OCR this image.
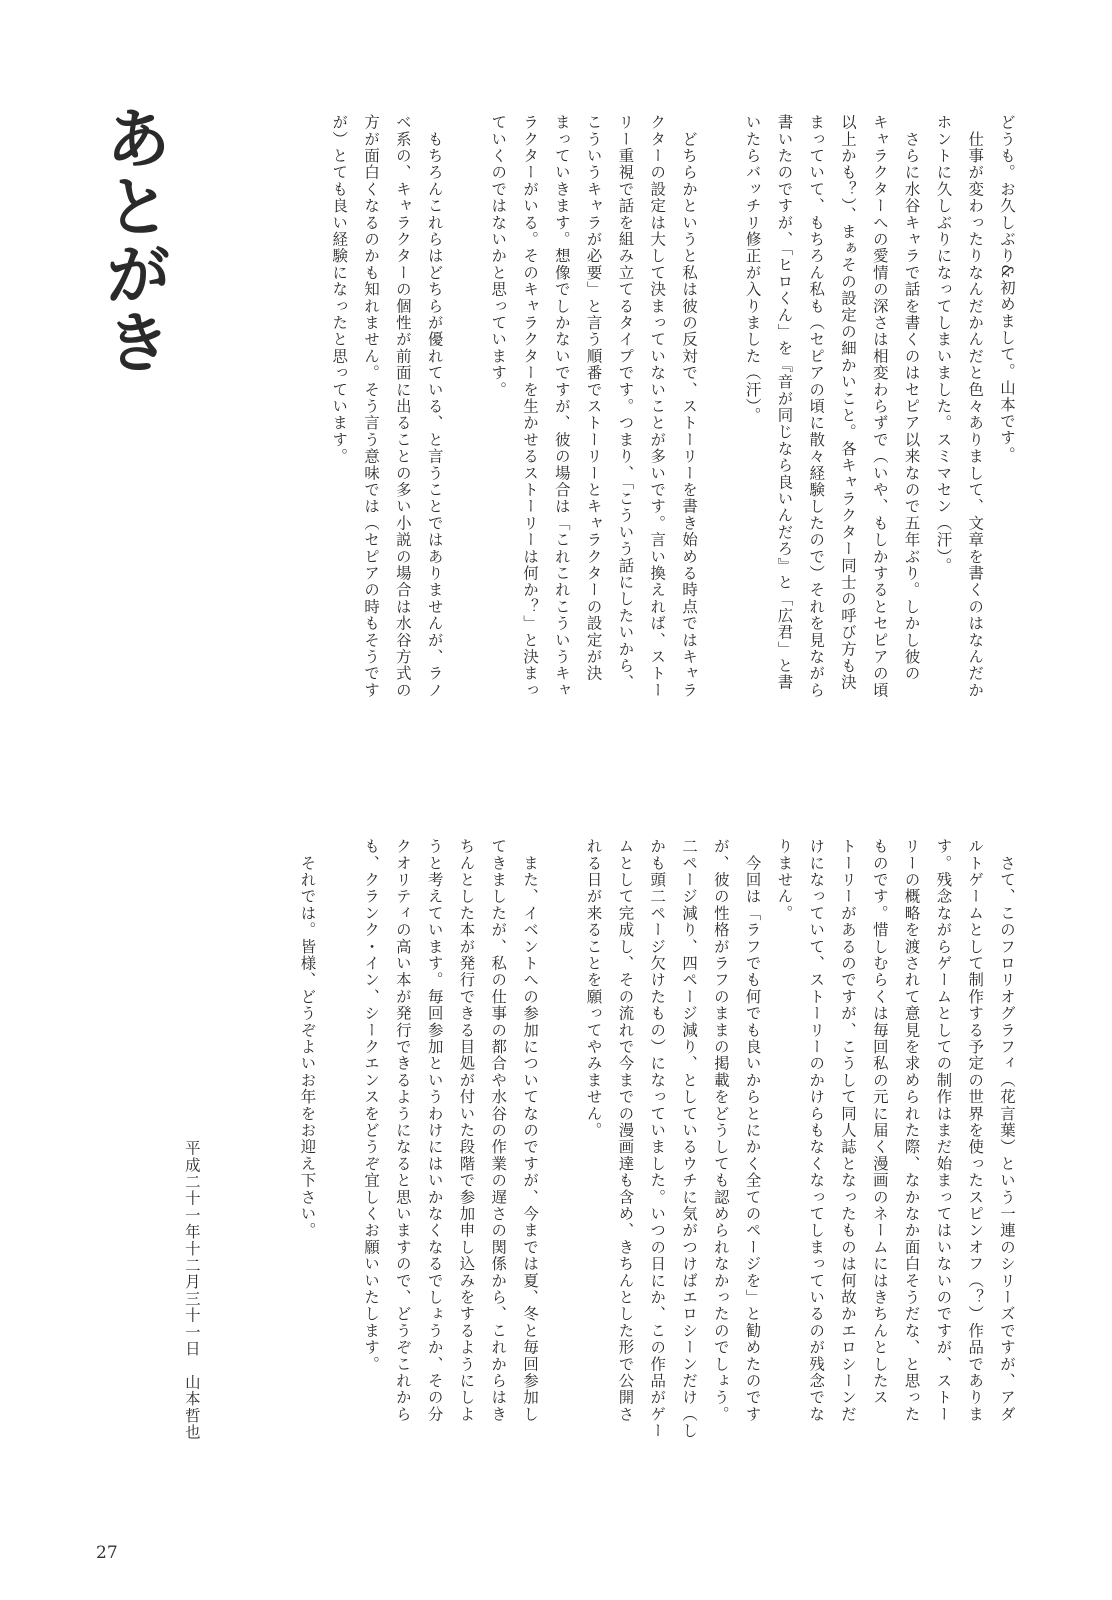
あとがき	どうも。お久しぶり&初めまして。山本です。
　仕事が変わったりなんだかんだと色々ありまして、文章を書くのはなんだか
ホントに久しぶりになってしまいました。スミマセン（汗）。
　さらに水谷キャラで話を書くのはセピア以来なので五年ぶり。しかし彼の
キャラクターへの愛情の深さは相変わらずで（いや、もしかするとセピアの頃
以上かも？）、まぁその設定の細かいこと。各キャラクター同士の呼び方も決
まっていて、もちろん私も（セピアの頃に散々経験したので）それを見ながら
書いたのですが、「ヒロくん」を『音が同じなら良いんだろ』と「広君」と書
いたらバッチリ修正が入りました（汗）。

　どちらかというと私は彼の反対で、ストーリーを書き始める時点ではキャラ
クターの設定は大して決まっていないことが多いです。言い換えれば、ストー
リー重視で話を組み立てるタイプです。つまり、「こういう話にしたいから、
こういうキャラが必要」と言う順番でストーリーとキャラクターの設定が決
まっていきます。想像でしかないですが、彼の場合は「これこれこういうキャ
ラクターがいる。そのキャラクターを生かせるストーリーは何か？」と決まっ
ていくのではないかと思っています。

　もちろんこれらはどちらが優れている、と言うことではありませんが、ラノ
ベ系の、キャラクターの個性が前面に出ることの多い小説の場合は水谷方式の
方が面白くなるのかも知れません。そう言う意味では（セピアの時もそうです
が）とても良い経験になったと思っています。
　さて、このフロリオグラフィ（花言葉）という一連のシリーズですが、アダ
ルトゲームとして制作する予定の世界を使ったスピンオフ（？）作品でありま
す。残念ながらゲームとしての制作はまだ始まってはいないのですが、ストー
リーの概略を渡されて意見を求められた際、なかなか面白そうだな、と思った
ものです。惜しむらくは毎回私の元に届く漫画のネームにはきちんとしたス
トーリーがあるのですが、こうして同人誌となったものは何故かエロシーンだ
けになっていて、ストーリーのかけらもなくなってしまっているのが残念でな
りません。
　今回は「ラフでも何でも良いからとにかく全てのページを」と勧めたのです
が、彼の性格がラフのままの掲載をどうしても認められなかったのでしょう。
二ページ減り、四ページ減り、としているウチに気がつけばエロシーンだけ（し
かも頭二ページ欠けたもの）になっていました。いつの日にか、この作品がゲー
ムとして完成し、その流れで今までの漫画達も含め、きちんとした形で公開さ
れる日が来ることを願ってやみません。

　また、イベントへの参加についてなのですが、今までは夏、冬と毎回参加し
てきましたが、私の仕事の都合や水谷の作業の遅さの関係から、これからはき
ちんとした本が発行できる目処が付いた段階で参加申し込みをするようにしよ
うと考えています。毎回参加というわけにはいかなくなるでしょうか、その分
クオリティの高い本が発行できるようになると思いますので、どうぞこれから
も、クランク・イン、シークエンスをどうぞ宜しくお願いいたします。

　それでは。皆様、どうぞよいお年をお迎え下さい。
平成二十一年十二月三十一日　山本哲也
27
